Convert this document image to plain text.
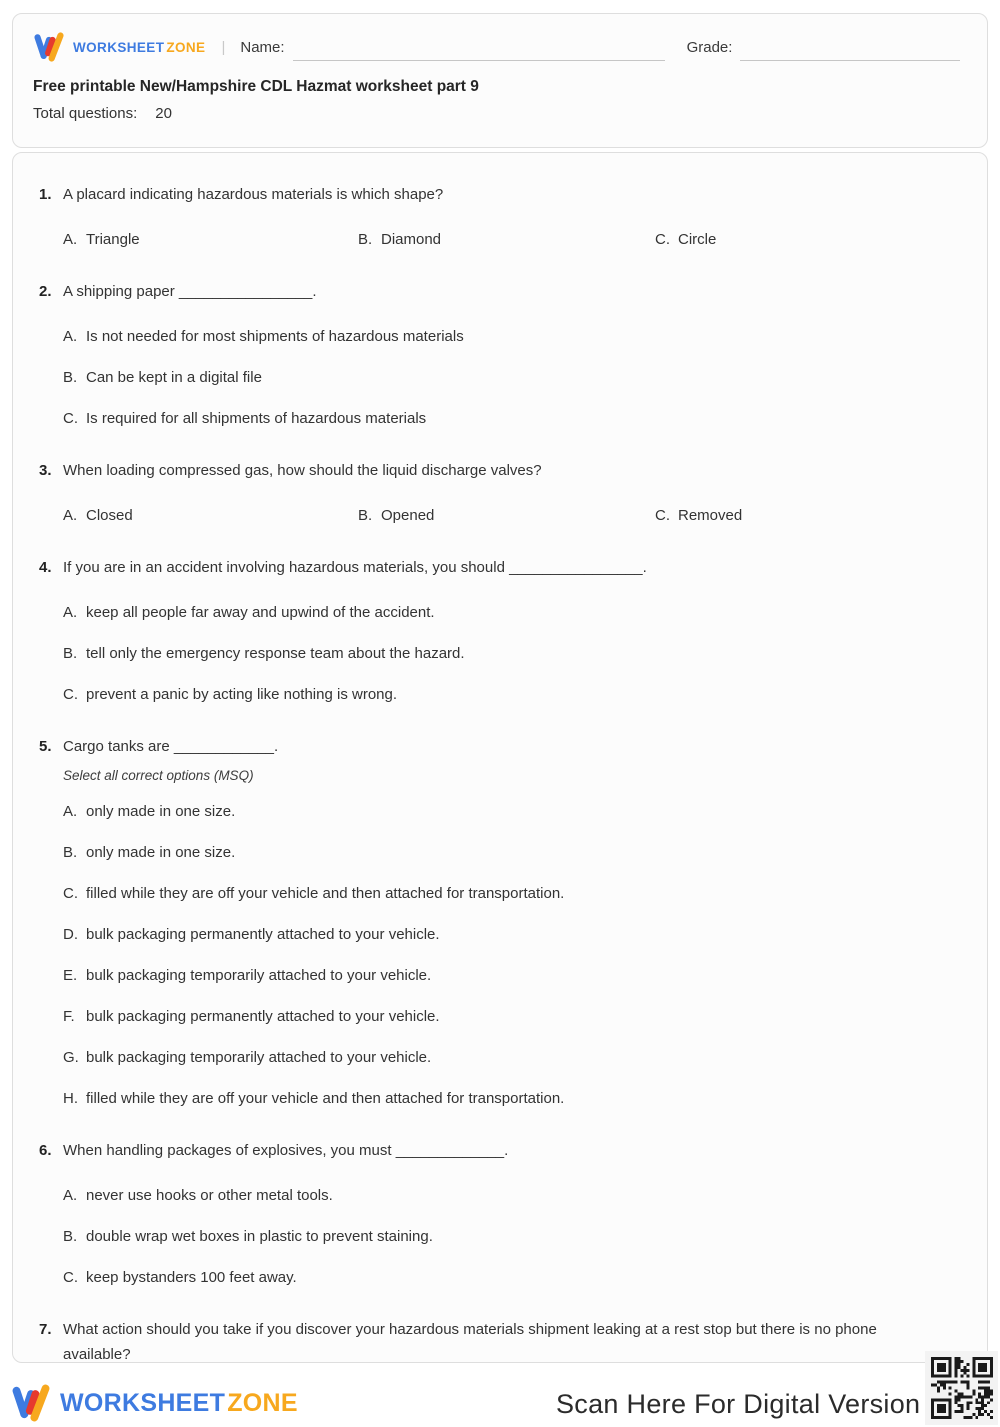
WORKSHEET ZONE | Name:	Grade:
Free printable New/Hampshire CDL Hazmat worksheet part 9
Total questions: 20
1. A placard indicating hazardous materials is which shape?
A. Triangle	B. Diamond	C. Circle
2. A shipping paper ________________.
A. Is not needed for most shipments of hazardous materials
B. Can be kept in a digital file
C. Is required for all shipments of hazardous materials
3. When loading compressed gas, how should the liquid discharge valves?
A. Closed	B. Opened	C. Removed
4. If you are in an accident involving hazardous materials, you should ________________.
A. keep all people far away and upwind of the accident.
B. tell only the emergency response team about the hazard.
C. prevent a panic by acting like nothing is wrong.
5. Cargo tanks are ____________.
Select all correct options (MSQ)
A. only made in one size.
B. only made in one size.
C. filled while they are off your vehicle and then attached for transportation.
D. bulk packaging permanently attached to your vehicle.
E. bulk packaging temporarily attached to your vehicle.
F. bulk packaging permanently attached to your vehicle.
G. bulk packaging temporarily attached to your vehicle.
H. filled while they are off your vehicle and then attached for transportation.
6. When handling packages of explosives, you must _____________.
A. never use hooks or other metal tools.
B. double wrap wet boxes in plastic to prevent staining.
C. keep bystanders 100 feet away.
7. What action should you take if you discover your hazardous materials shipment leaking at a rest stop but there is no phone available?
WORKSHEETZONE	Scan Here For Digital Version
